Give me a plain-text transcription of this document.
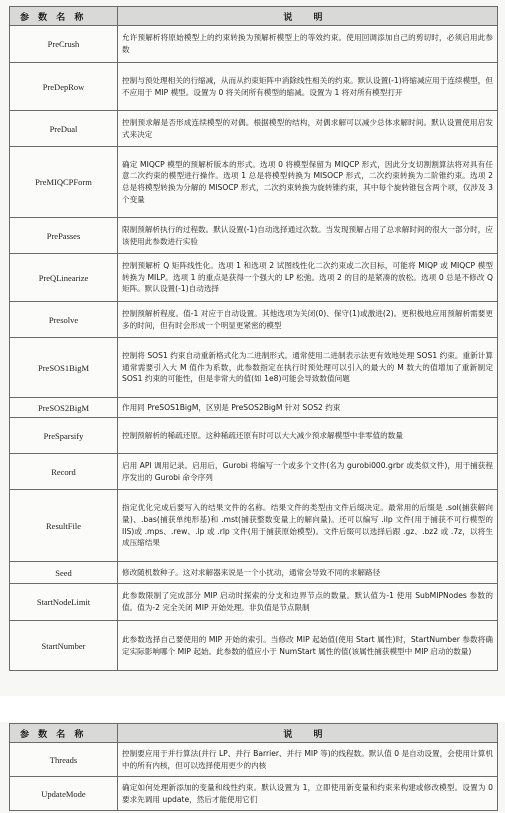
参 数 名 称	说 明
PreCrush	允许预解析将原始模型上的约束转换为预解析模型上的等效约束。使用回调添加自己的剪切时，必须启用此参数
PreDepRow	控制与预处理相关的行缩减，从而从约束矩阵中消除线性相关的约束。默认设置(-1)将缩减应用于连续模型，但不应用于 MIP 模型。设置为 0 将关闭所有模型的缩减。设置为 1 将对所有模型打开
PreDual	控制预求解是否形成连续模型的对偶。根据模型的结构，对偶求解可以减少总体求解时间。默认设置使用启发式来决定
PreMIQCPForm	确定 MIQCP 模型的预解析版本的形式。选项 0 将模型保留为 MIQCP 形式，因此分支切割割算法将对具有任意二次约束的模型进行操作。选项 1 总是将模型转换为 MISOCP 形式，二次约束转换为二阶锥约束。选项 2 总是将模型转换为分解的 MISOCP 形式，二次约束转换为旋转锥约束，其中每个旋转锥包含两个项，仅涉及 3 个变量
PrePasses	限制预解析执行的过程数。默认设置(-1)自动选择通过次数。当发现预解占用了总求解时间的很大一部分时，应该使用此参数进行实验
PreQLinearize	控制预解析 Q 矩阵线性化。选项 1 和选项 2 试图线性化二次约束或二次目标，可能将 MIQP 或 MIQCP 模型转换为 MILP。选项 1 的重点是获得一个强大的 LP 松弛。选项 2 的目的是紧凑的放松。选项 0 总是不修改 Q 矩阵。默认设置(-1)自动选择
Presolve	控制预解析程度。值-1 对应于自动设置。其他选项为关闭(0)、保守(1)或激进(2)。更积极地应用预解析需要更多的时间，但有时会形成一个明显更紧密的模型
PreSOS1BigM	控制将 SOS1 约束自动重新格式化为二进制形式。通常使用二进制表示法更有效地处理 SOS1 约束。重新计算通常需要引入大 M 值作为系数，此参数指定在执行时预处理可以引入的最大的 M 数大的值增加了重新制定 SOS1 约束的可能性，但是非常大的值(如 1e8)可能会导致数值问题
PreSOS2BigM	作用同 PreSOS1BigM，区别是 PreSOS2BigM 针对 SOS2 约束
PreSparsify	控制预解析的稀疏还原。这种稀疏还原有时可以大大减少预求解模型中非零值的数量
Record	启用 API 调用记录。启用后，Gurobi 将编写一个或多个文件(名为 gurobi000.grbr 或类似文件)，用于捕获程序发出的 Gurobi 命令序列
ResultFile	指定优化完成后要写入的结果文件的名称。结果文件的类型由文件后缀决定。最常用的后缀是 .sol(捕获解向量)、.bas(捕获单纯形基)和 .mst(捕获整数变量上的解向量)。还可以编写 .ilp 文件(用于捕获不可行模型的 IIS)或 .mps、.rew、.lp 或 .rlp 文件(用于捕获原始模型)。文件后缀可以选择后跟 .gz、.bz2 或 .7z，以将生成压缩结果
Seed	修改随机数种子。这对求解器来说是一个小扰动，通常会导致不同的求解路径
StartNodeLimit	此参数限制了完成部分 MIP 启动时探索的分支和边界节点的数量。默认值为-1 使用 SubMIPNodes 参数的值。值为-2 完全关闭 MIP 开始处理。非负值是节点限制
StartNumber	此参数选择自己要使用的 MIP 开始的索引。当修改 MIP 起始值(使用 Start 属性)时，StartNumber 参数将确定实际影响哪个 MIP 起始。此参数的值应小于 NumStart 属性的值(该属性捕获模型中 MIP 启动的数量)
参 数 名 称	说 明
Threads	控制要应用于并行算法(并行 LP、并行 Barrier、并行 MIP 等)的线程数。默认值 0 是自动设置，会使用计算机中的所有内核，但可以选择使用更少的内核
UpdateMode	确定如何处理新添加的变量和线性约束。默认设置为 1，立即使用新变量和约束来构建或修改模型。设置为 0 要求先调用 update，然后才能使用它们
